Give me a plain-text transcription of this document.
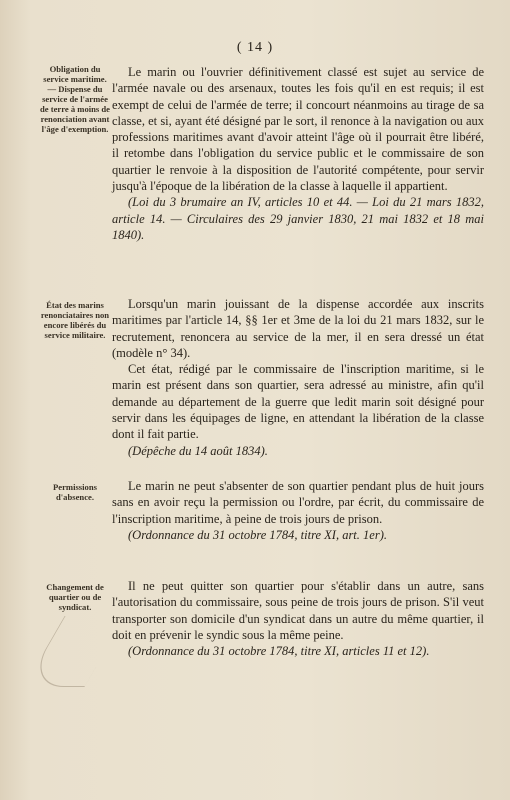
( 14 )
Obligation du service maritime. — Dispense du service de l'armée de terre à moins de renonciation avant l'âge d'exemption.

Le marin ou l'ouvrier définitivement classé est sujet au service de l'armée navale ou des arsenaux, toutes les fois qu'il en est requis; il est exempt de celui de l'armée de terre; il concourt néanmoins au tirage de sa classe, et si, ayant été désigné par le sort, il renonce à la navigation ou aux professions maritimes avant d'avoir atteint l'âge où il pourrait être libéré, il retombe dans l'obligation du service public et le commissaire de son quartier le renvoie à la disposition de l'autorité compétente, pour servir jusqu'à l'époque de la libération de la classe à laquelle il appartient.

(Loi du 3 brumaire an IV, articles 10 et 44. — Loi du 21 mars 1832, article 14. — Circulaires des 29 janvier 1830, 21 mai 1832 et 18 mai 1840).

État des marins renonciataires non encore libérés du service militaire.

Lorsqu'un marin jouissant de la dispense accordée aux inscrits maritimes par l'article 14, §§ 1er et 3me de la loi du 21 mars 1832, sur le recrutement, renoncera au service de la mer, il en sera dressé un état (modèle n° 34).

Cet état, rédigé par le commissaire de l'inscription maritime, si le marin est présent dans son quartier, sera adressé au ministre, afin qu'il demande au département de la guerre que ledit marin soit désigné pour servir dans les équipages de ligne, en attendant la libération de la classe dont il fait partie.

(Dépêche du 14 août 1834).

Permissions d'absence.

Le marin ne peut s'absenter de son quartier pendant plus de huit jours sans en avoir reçu la permission ou l'ordre, par écrit, du commissaire de l'inscription maritime, à peine de trois jours de prison.

(Ordonnance du 31 octobre 1784, titre XI, art. 1er).

Changement de quartier ou de syndicat.

Il ne peut quitter son quartier pour s'établir dans un autre, sans l'autorisation du commissaire, sous peine de trois jours de prison. S'il veut transporter son domicile d'un syndicat dans un autre du même quartier, il doit en prévenir le syndic sous la même peine.

(Ordonnance du 31 octobre 1784, titre XI, articles 11 et 12).
